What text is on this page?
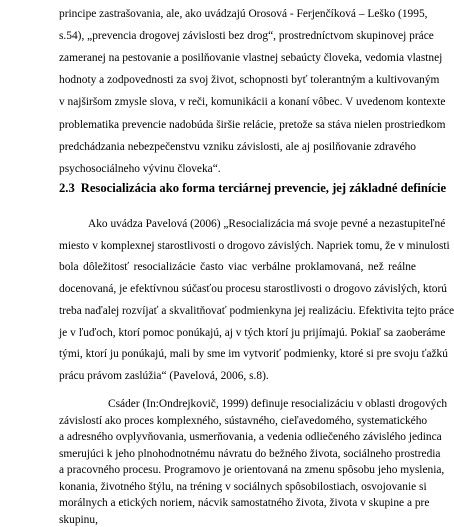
principe zastrašovania, ale, ako uvádzajú Orosová - Ferjenčíková – Leško (1995,
s.54), „prevencia drogovej závislosti bez drog“, prostredníctvom skupinovej práce
zameranej na pestovanie a posilňovanie vlastnej sebaúcty človeka, vedomia vlastnej
hodnoty a zodpovednosti za svoj život, schopnosti byť tolerantným a kultivovaným
v najširšom zmysle slova, v reči, komunikácii a konaní vôbec. V uvedenom kontexte
problematika prevencie nadobúda širšie relácie, pretože sa stáva nielen prostriedkom
predchádzania nebezpečenstvu vzniku závislosti, ale aj posilňovanie zdravého
psychosociálneho vývinu človeka“.
2.3 Resocializácia ako forma terciárnej prevencie, jej základné definície
Ako uvádza Pavelová (2006) „Resocializácia má svoje pevné a nezastupiteľné
miesto v komplexnej starostlivosti o drogovo závislých. Napriek tomu, že v minulosti
bola dôležitosť resocializácie často viac verbálne proklamovaná, než reálne
docenovaná, je efektívnou súčasťou procesu starostlivosti o drogovo závislých, ktorú
treba naďalej rozvíjať a skvalitňovať podmienkyna jej realizáciu. Efektivita tejto práce
je v ľuďoch, ktorí pomoc ponúkajú, aj v tých ktorí ju prijímajú. Pokiaľ sa zaoberáme
tými, ktorí ju ponúkajú, mali by sme im vytvoriť podmienky, ktoré si pre svoju ťažkú
prácu právom zaslúžia“ (Pavelová, 2006, s.8).
Csáder (In:Ondrejkovič, 1999) definuje resocializáciu v oblasti drogových
závislostí ako proces komplexného, sústavného, cieľavedomého, systematického
a adresného ovplyvňovania, usmerňovania, a vedenia odliečeného závislého jedinca
smerujúci k jeho plnohodnotnému návratu do bežného života, sociálneho prostredia
a pracovného procesu. Programovo je orientovaná na zmenu spôsobu jeho myslenia,
konania, životného štýlu, na tréning v sociálnych spôsobilostiach, osvojovanie si
morálnych a etických noriem, nácvik samostatného života, života v skupine a pre
skupinu,
